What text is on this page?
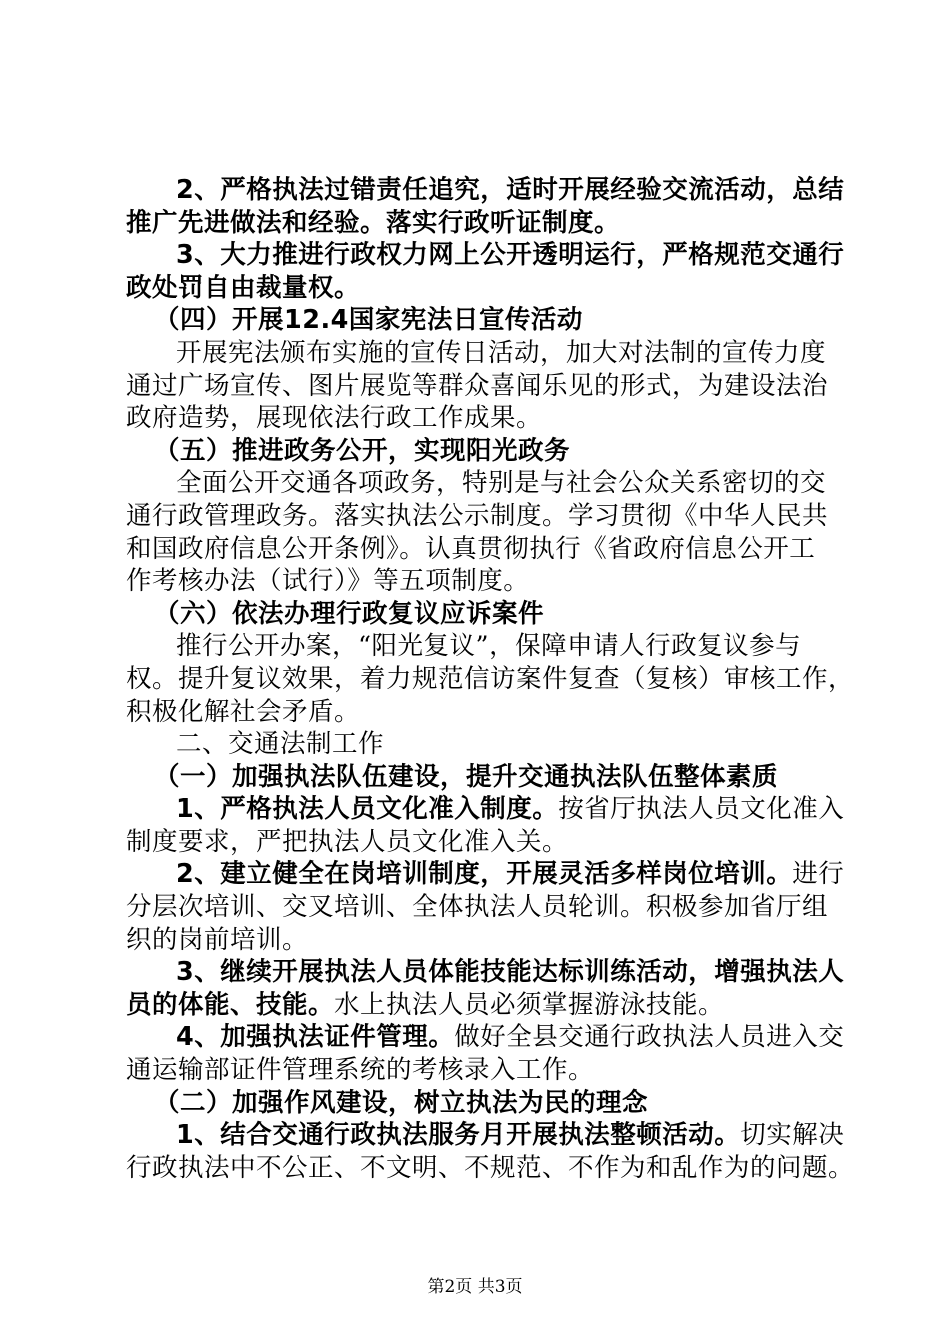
2、严格执法过错责任追究，适时开展经验交流活动，总结
推广先进做法和经验。落实行政听证制度。
3、大力推进行政权力网上公开透明运行，严格规范交通行
政处罚自由裁量权。
（四）开展12.4国家宪法日宣传活动
开展宪法颁布实施的宣传日活动，加大对法制的宣传力度
通过广场宣传、图片展览等群众喜闻乐见的形式，为建设法治
政府造势，展现依法行政工作成果。
（五）推进政务公开，实现阳光政务
全面公开交通各项政务，特别是与社会公众关系密切的交
通行政管理政务。落实执法公示制度。学习贯彻《中华人民共
和国政府信息公开条例》。认真贯彻执行《省政府信息公开工
作考核办法（试行）》等五项制度。
（六）依法办理行政复议应诉案件
推行公开办案，“阳光复议”，保障申请人行政复议参与
权。提升复议效果，着力规范信访案件复查（复核）审核工作，
积极化解社会矛盾。
二、交通法制工作
（一）加强执法队伍建设，提升交通执法队伍整体素质
1、严格执法人员文化准入制度。按省厅执法人员文化准入
制度要求，严把执法人员文化准入关。
2、建立健全在岗培训制度，开展灵活多样岗位培训。进行
分层次培训、交叉培训、全体执法人员轮训。积极参加省厅组
织的岗前培训。
3、继续开展执法人员体能技能达标训练活动，增强执法人
员的体能、技能。水上执法人员必须掌握游泳技能。
4、加强执法证件管理。做好全县交通行政执法人员进入交
通运输部证件管理系统的考核录入工作。
（二）加强作风建设，树立执法为民的理念
1、结合交通行政执法服务月开展执法整顿活动。切实解决
行政执法中不公正、不文明、不规范、不作为和乱作为的问题。
第2页 共3页
